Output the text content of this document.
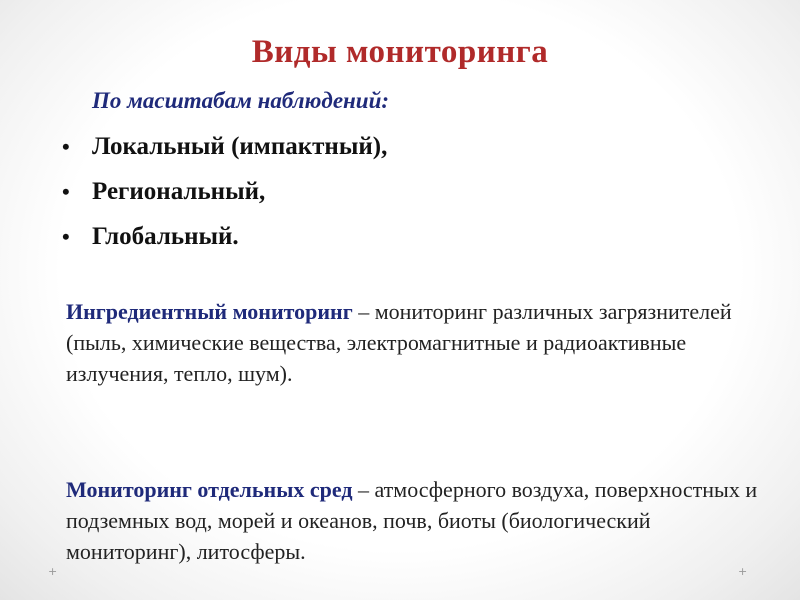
Виды мониторинга
По масштабам наблюдений:
• Локальный (импактный),
• Региональный,
• Глобальный.
Ингредиентный мониторинг – мониторинг различных загрязнителей (пыль, химические вещества, электромагнитные и радиоактивные излучения, тепло, шум).
Мониторинг отдельных сред – атмосферного воздуха, поверхностных и подземных вод, морей и океанов, почв, биоты (биологический мониторинг), литосферы.
+	+
